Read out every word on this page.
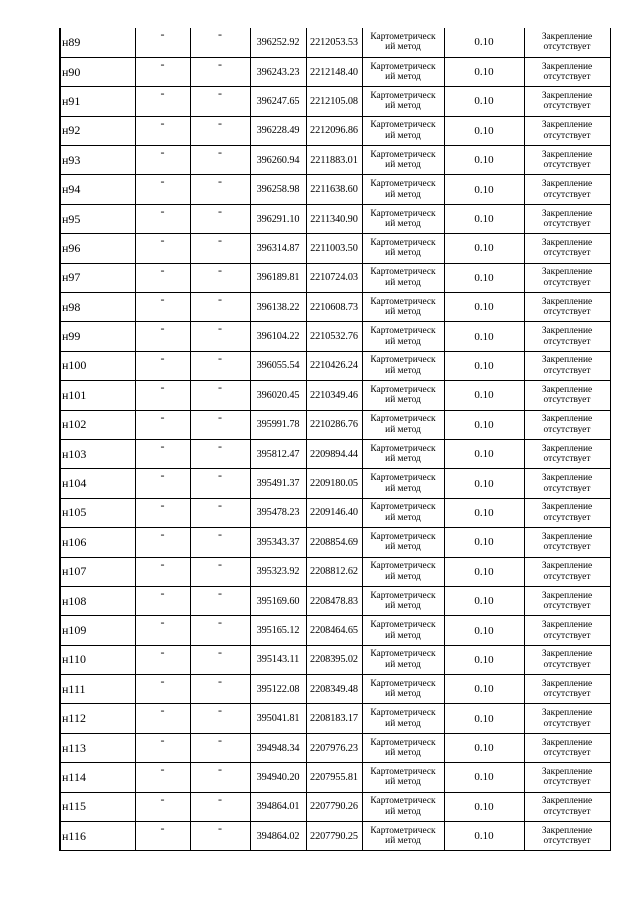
н89	-	-	396252.92	2212053.53	Картометрическ
ий метод	0.10	Закрепление
отсутствует

н90	-	-	396243.23	2212148.40	Картометрическ
ий метод	0.10	Закрепление
отсутствует

н91	-	-	396247.65	2212105.08	Картометрическ
ий метод	0.10	Закрепление
отсутствует

н92	-	-	396228.49	2212096.86	Картометрическ
ий метод	0.10	Закрепление
отсутствует

н93	-	-	396260.94	2211883.01	Картометрическ
ий метод	0.10	Закрепление
отсутствует

н94	-	-	396258.98	2211638.60	Картометрическ
ий метод	0.10	Закрепление
отсутствует

н95	-	-	396291.10	2211340.90	Картометрическ
ий метод	0.10	Закрепление
отсутствует

н96	-	-	396314.87	2211003.50	Картометрическ
ий метод	0.10	Закрепление
отсутствует

н97	-	-	396189.81	2210724.03	Картометрическ
ий метод	0.10	Закрепление
отсутствует

н98	-	-	396138.22	2210608.73	Картометрическ
ий метод	0.10	Закрепление
отсутствует

н99	-	-	396104.22	2210532.76	Картометрическ
ий метод	0.10	Закрепление
отсутствует

н100	-	-	396055.54	2210426.24	Картометрическ
ий метод	0.10	Закрепление
отсутствует

н101	-	-	396020.45	2210349.46	Картометрическ
ий метод	0.10	Закрепление
отсутствует

н102	-	-	395991.78	2210286.76	Картометрическ
ий метод	0.10	Закрепление
отсутствует

н103	-	-	395812.47	2209894.44	Картометрическ
ий метод	0.10	Закрепление
отсутствует

н104	-	-	395491.37	2209180.05	Картометрическ
ий метод	0.10	Закрепление
отсутствует

н105	-	-	395478.23	2209146.40	Картометрическ
ий метод	0.10	Закрепление
отсутствует

н106	-	-	395343.37	2208854.69	Картометрическ
ий метод	0.10	Закрепление
отсутствует

н107	-	-	395323.92	2208812.62	Картометрическ
ий метод	0.10	Закрепление
отсутствует

н108	-	-	395169.60	2208478.83	Картометрическ
ий метод	0.10	Закрепление
отсутствует

н109	-	-	395165.12	2208464.65	Картометрическ
ий метод	0.10	Закрепление
отсутствует

н110	-	-	395143.11	2208395.02	Картометрическ
ий метод	0.10	Закрепление
отсутствует

н111	-	-	395122.08	2208349.48	Картометрическ
ий метод	0.10	Закрепление
отсутствует

н112	-	-	395041.81	2208183.17	Картометрическ
ий метод	0.10	Закрепление
отсутствует

н113	-	-	394948.34	2207976.23	Картометрическ
ий метод	0.10	Закрепление
отсутствует

н114	-	-	394940.20	2207955.81	Картометрическ
ий метод	0.10	Закрепление
отсутствует

н115	-	-	394864.01	2207790.26	Картометрическ
ий метод	0.10	Закрепление
отсутствует

н116	-	-	394864.02	2207790.25	Картометрическ
ий метод	0.10	Закрепление
отсутствует
